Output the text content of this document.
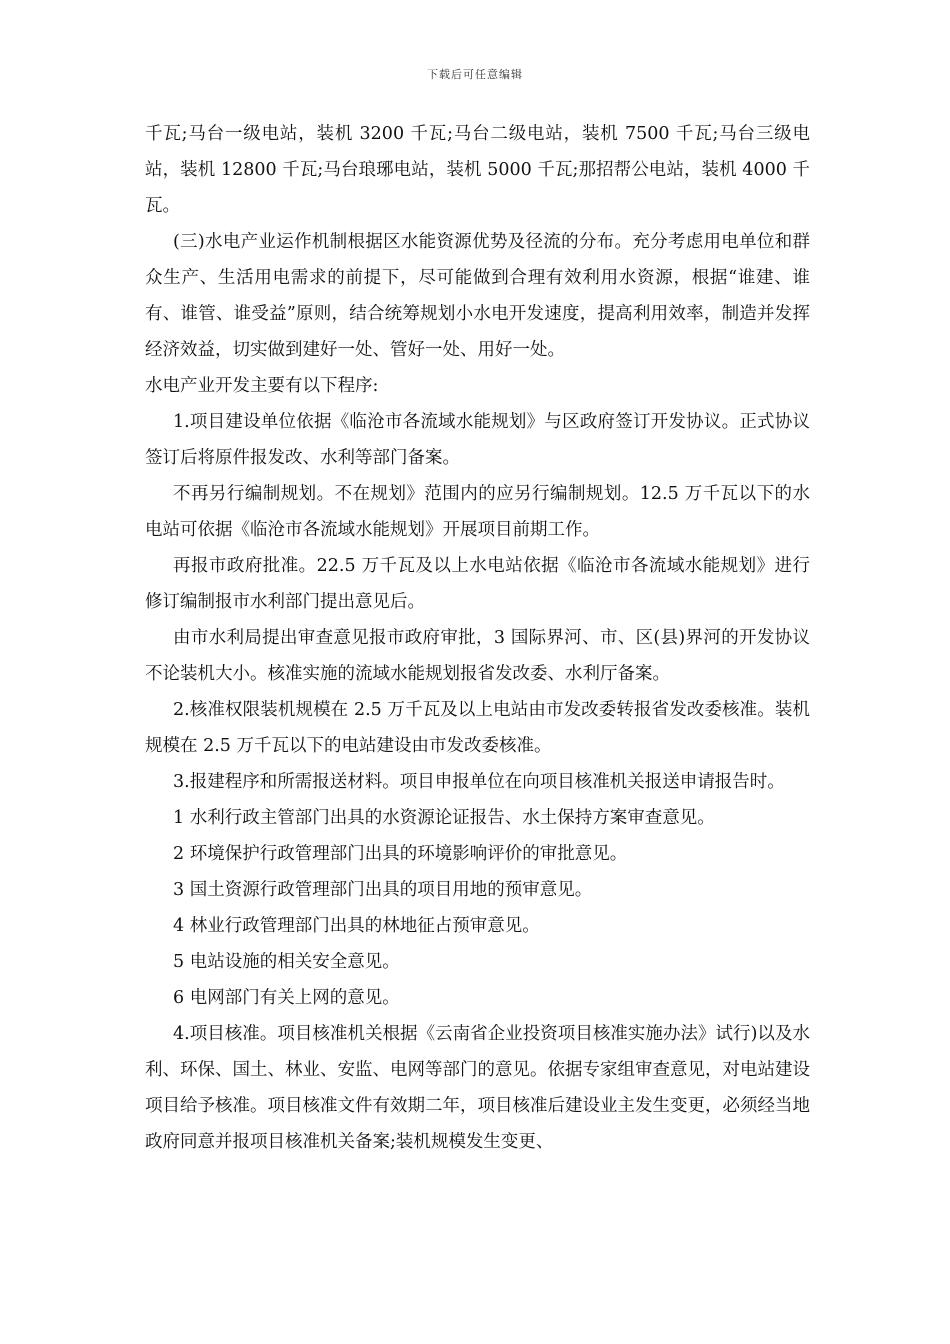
下载后可任意编辑

千瓦;马台一级电站，装机 3200 千瓦;马台二级电站，装机 7500 千瓦;马台三级电站，装机 12800 千瓦;马台琅琊电站，装机 5000 千瓦;那招帮公电站，装机 4000 千瓦。

(三)水电产业运作机制根据区水能资源优势及径流的分布。充分考虑用电单位和群众生产、生活用电需求的前提下，尽可能做到合理有效利用水资源，根据“谁建、谁有、谁管、谁受益”原则，结合统筹规划小水电开发速度，提高利用效率，制造并发挥经济效益，切实做到建好一处、管好一处、用好一处。

水电产业开发主要有以下程序:

1.项目建设单位依据《临沧市各流域水能规划》与区政府签订开发协议。正式协议签订后将原件报发改、水利等部门备案。

不再另行编制规划。不在规划》范围内的应另行编制规划。12.5 万千瓦以下的水电站可依据《临沧市各流域水能规划》开展项目前期工作。

再报市政府批准。22.5 万千瓦及以上水电站依据《临沧市各流域水能规划》进行修订编制报市水利部门提出意见后。

由市水利局提出审查意见报市政府审批，3 国际界河、市、区(县)界河的开发协议不论装机大小。核准实施的流域水能规划报省发改委、水利厅备案。

2.核准权限装机规模在 2.5 万千瓦及以上电站由市发改委转报省发改委核准。装机规模在 2.5 万千瓦以下的电站建设由市发改委核准。

3.报建程序和所需报送材料。项目申报单位在向项目核准机关报送申请报告时。

1 水利行政主管部门出具的水资源论证报告、水土保持方案审查意见。

2 环境保护行政管理部门出具的环境影响评价的审批意见。

3 国土资源行政管理部门出具的项目用地的预审意见。

4 林业行政管理部门出具的林地征占预审意见。

5 电站设施的相关安全意见。

6 电网部门有关上网的意见。

4.项目核准。项目核准机关根据《云南省企业投资项目核准实施办法》试行)以及水利、环保、国土、林业、安监、电网等部门的意见。依据专家组审查意见，对电站建设项目给予核准。项目核准文件有效期二年，项目核准后建设业主发生变更，必须经当地政府同意并报项目核准机关备案;装机规模发生变更、
